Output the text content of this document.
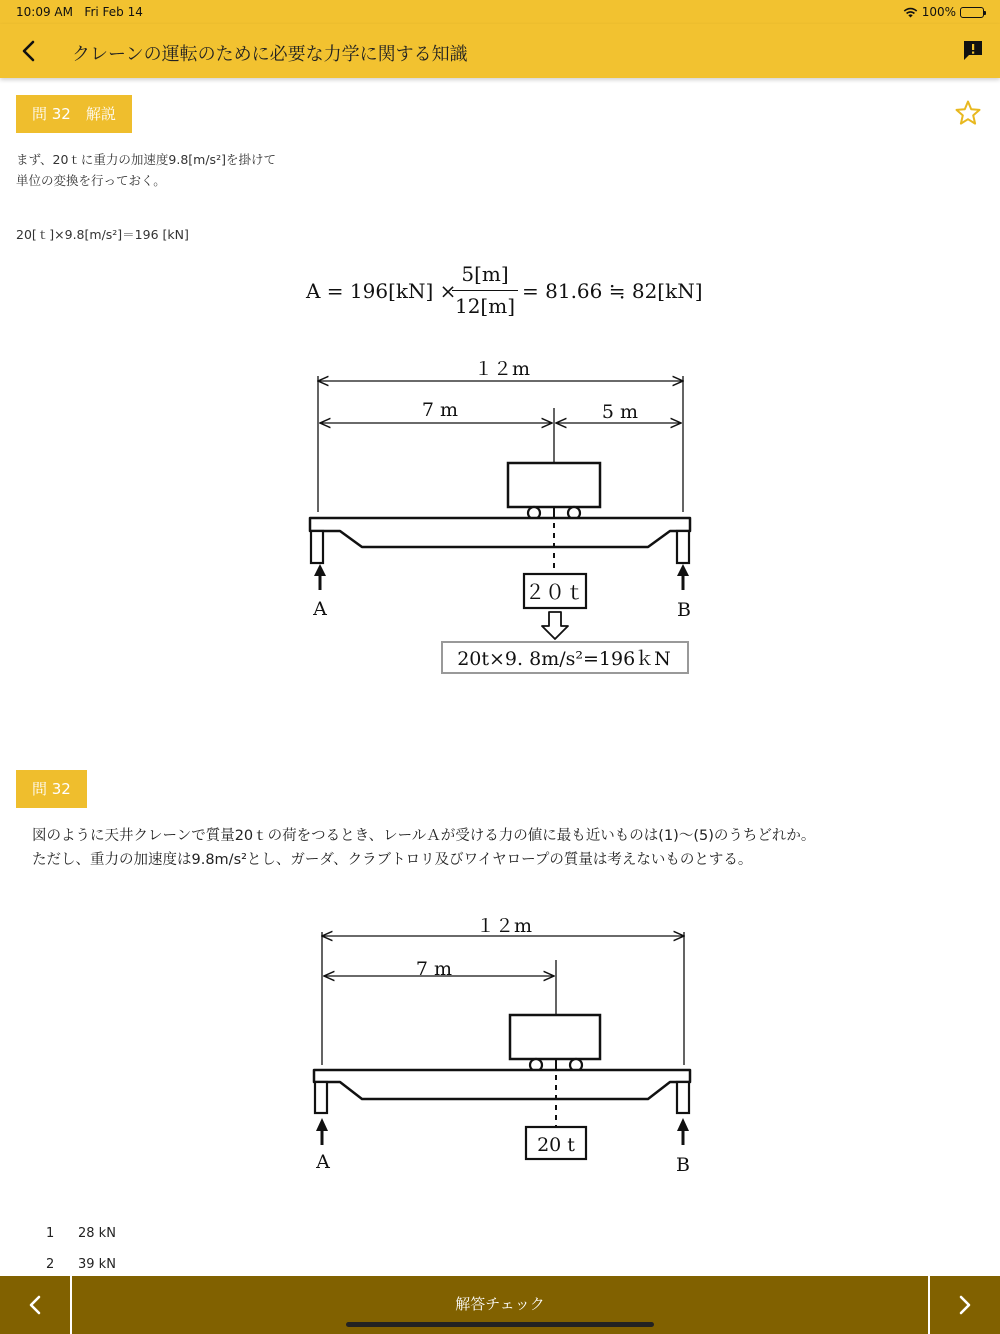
10:09 AM Fri Feb 14	100%
クレーンの運転のために必要な力学に関する知識
問 32　解説
まず、20ｔに重力の加速度9.8[m/s²]を掛けて
単位の変換を行っておく。
20[ｔ]×9.8[m/s²]＝196 [kN]
A = 196[kN] ×
5[m]
12[m]
= 81.66 ≒ 82[kN]
１２m
7 m	5 m
２０ｔ
A	B
20t×9. 8m/s²=196ｋN
問 32
図のように天井クレーンで質量20ｔの荷をつるとき、レールＡが受ける力の値に最も近いものは(1)～(5)のうちどれか。
ただし、重力の加速度は9.8m/s²とし、ガーダ、クラブトロリ及びワイヤロープの質量は考えないものとする。
１２m
7 m
20 t
A	B
1 28 kN
2 39 kN
解答チェック
